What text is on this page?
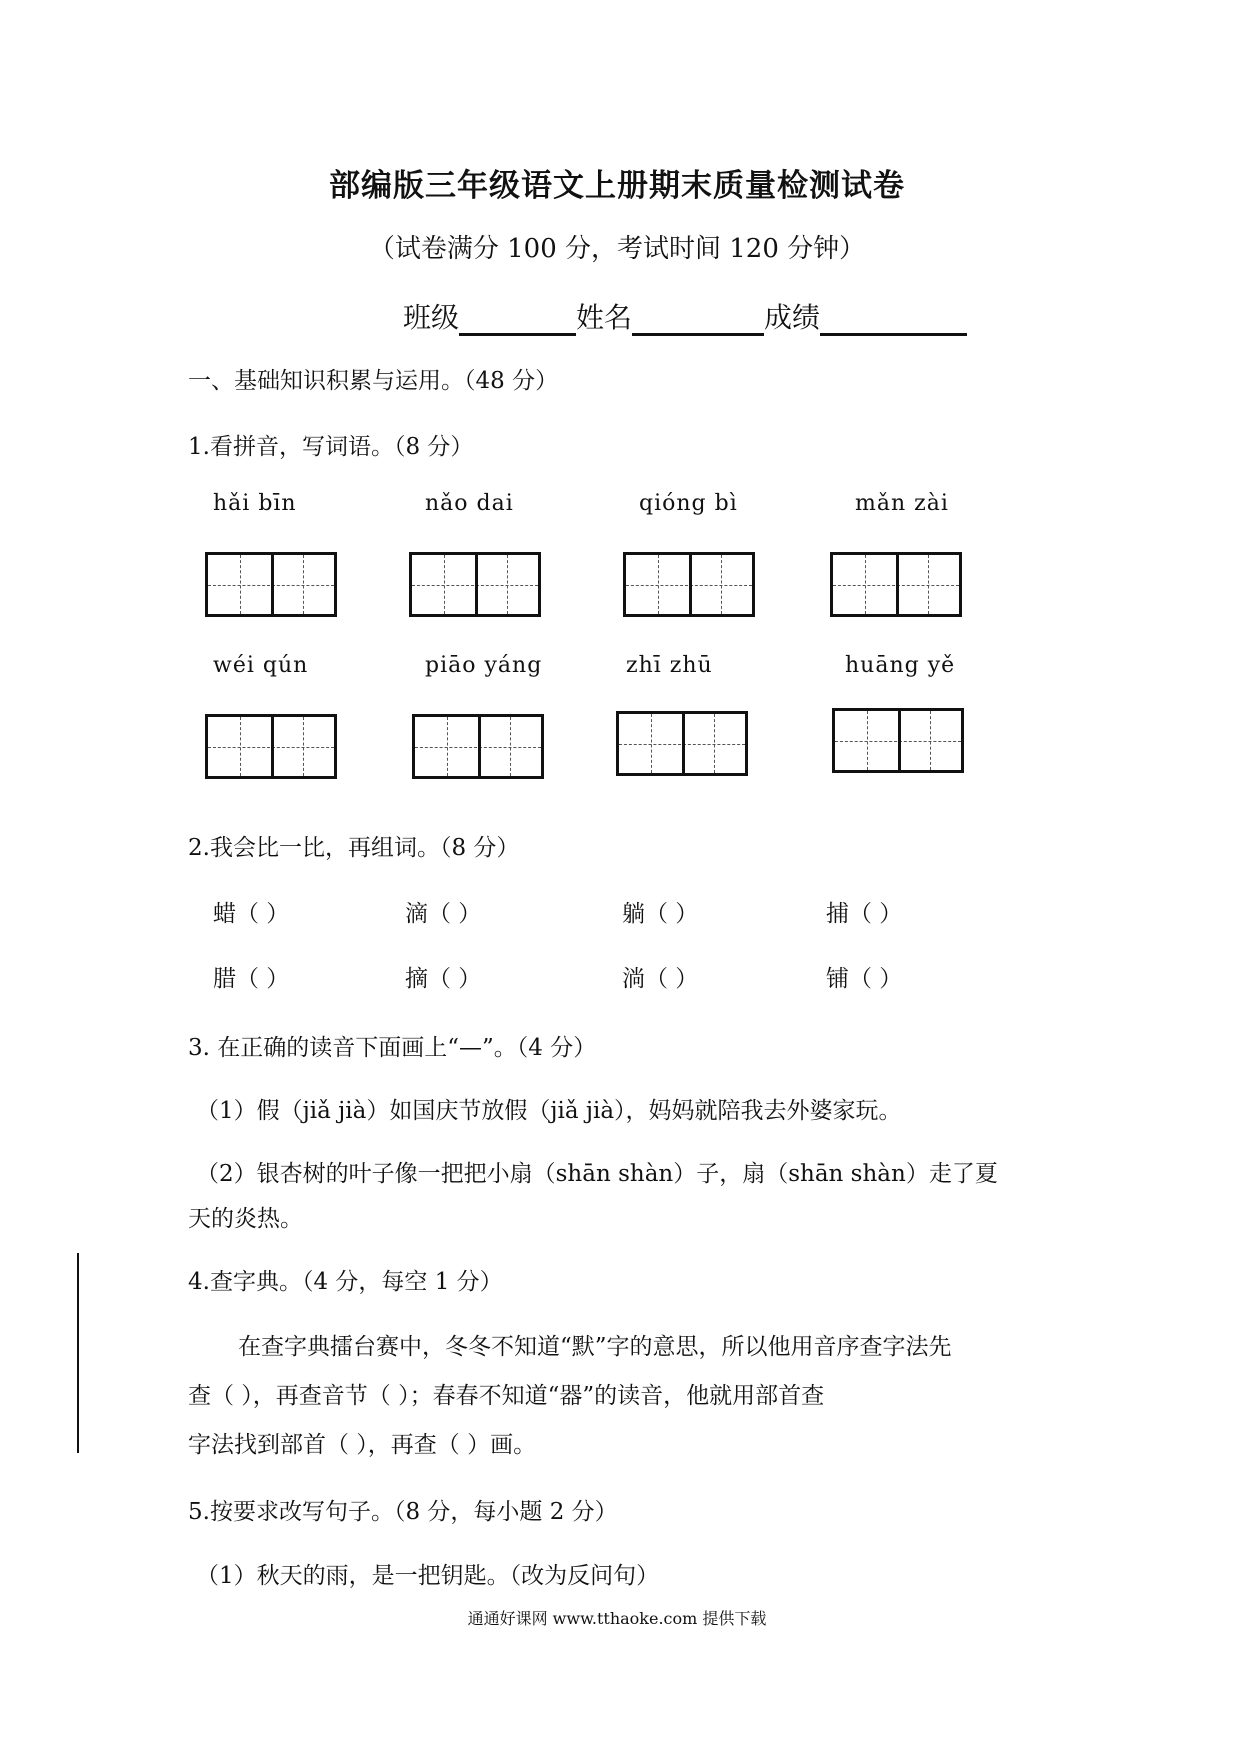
部编版三年级语文上册期末质量检测试卷
（试卷满分 100 分，考试时间 120 分钟）
班级	姓名	成绩
一、基础知识积累与运用。（48 分）
1.看拼音，写词语。（8 分）
hǎi bīn	nǎo dai	qióng bì	mǎn zài
wéi qún	piāo yáng	zhī zhū	huāng yě
2.我会比一比，再组词。（8 分）
蜡（ ）	滴（ ）	躺（ ）	捕（ ）
腊（ ）	摘（ ）	淌（ ）	铺（ ）
3. 在正确的读音下面画上“—”。（4 分）
（1）假（jiǎ jià）如国庆节放假（jiǎ jià），妈妈就陪我去外婆家玩。
（2）银杏树的叶子像一把把小扇（shān shàn）子，扇（shān shàn）走了夏
天的炎热。
4.查字典。（4 分，每空 1 分）
在查字典擂台赛中，冬冬不知道“默”字的意思，所以他用音序查字法先
查（ ），再查音节（ ）；春春不知道“器”的读音，他就用部首查
字法找到部首（ ），再查（ ）画。
5.按要求改写句子。（8 分，每小题 2 分）
（1）秋天的雨，是一把钥匙。（改为反问句）
通通好课网 www.tthaoke.com 提供下载
